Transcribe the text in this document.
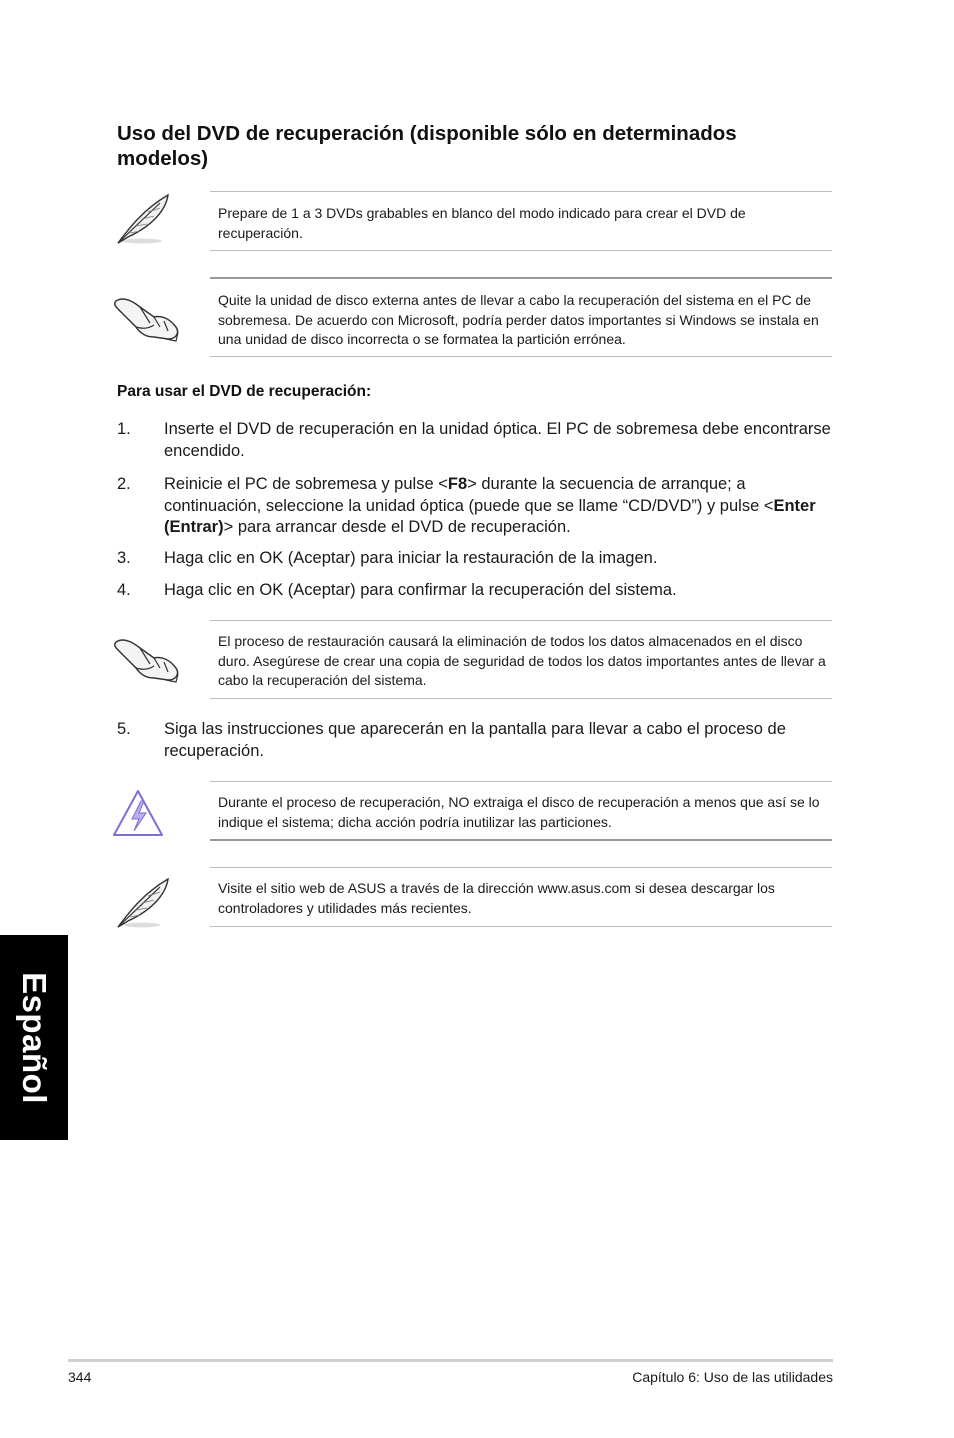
Uso del DVD de recuperación (disponible sólo en determinados modelos)
Prepare de 1 a 3 DVDs grabables en blanco del modo indicado para crear el DVD de recuperación.
Quite la unidad de disco externa antes de llevar a cabo la recuperación del sistema en el PC de sobremesa. De acuerdo con Microsoft, podría perder datos importantes si Windows se instala en una unidad de disco incorrecta o se formatea la partición errónea.
Para usar el DVD de recuperación:
1. Inserte el DVD de recuperación en la unidad óptica. El PC de sobremesa debe encontrarse encendido.
2. Reinicie el PC de sobremesa y pulse <F8> durante la secuencia de arranque; a continuación, seleccione la unidad óptica (puede que se llame “CD/DVD”) y pulse <Enter (Entrar)> para arrancar desde el DVD de recuperación.
3. Haga clic en OK (Aceptar) para iniciar la restauración de la imagen.
4. Haga clic en OK (Aceptar) para confirmar la recuperación del sistema.
El proceso de restauración causará la eliminación de todos los datos almacenados en el disco duro. Asegúrese de crear una copia de seguridad de todos los datos importantes antes de llevar a cabo la recuperación del sistema.
5. Siga las instrucciones que aparecerán en la pantalla para llevar a cabo el proceso de recuperación.
Durante el proceso de recuperación, NO extraiga el disco de recuperación a menos que así se lo indique el sistema; dicha acción podría inutilizar las particiones.
Visite el sitio web de ASUS a través de la dirección www.asus.com si desea descargar los controladores y utilidades más recientes.
Español
344	Capítulo 6: Uso de las utilidades
